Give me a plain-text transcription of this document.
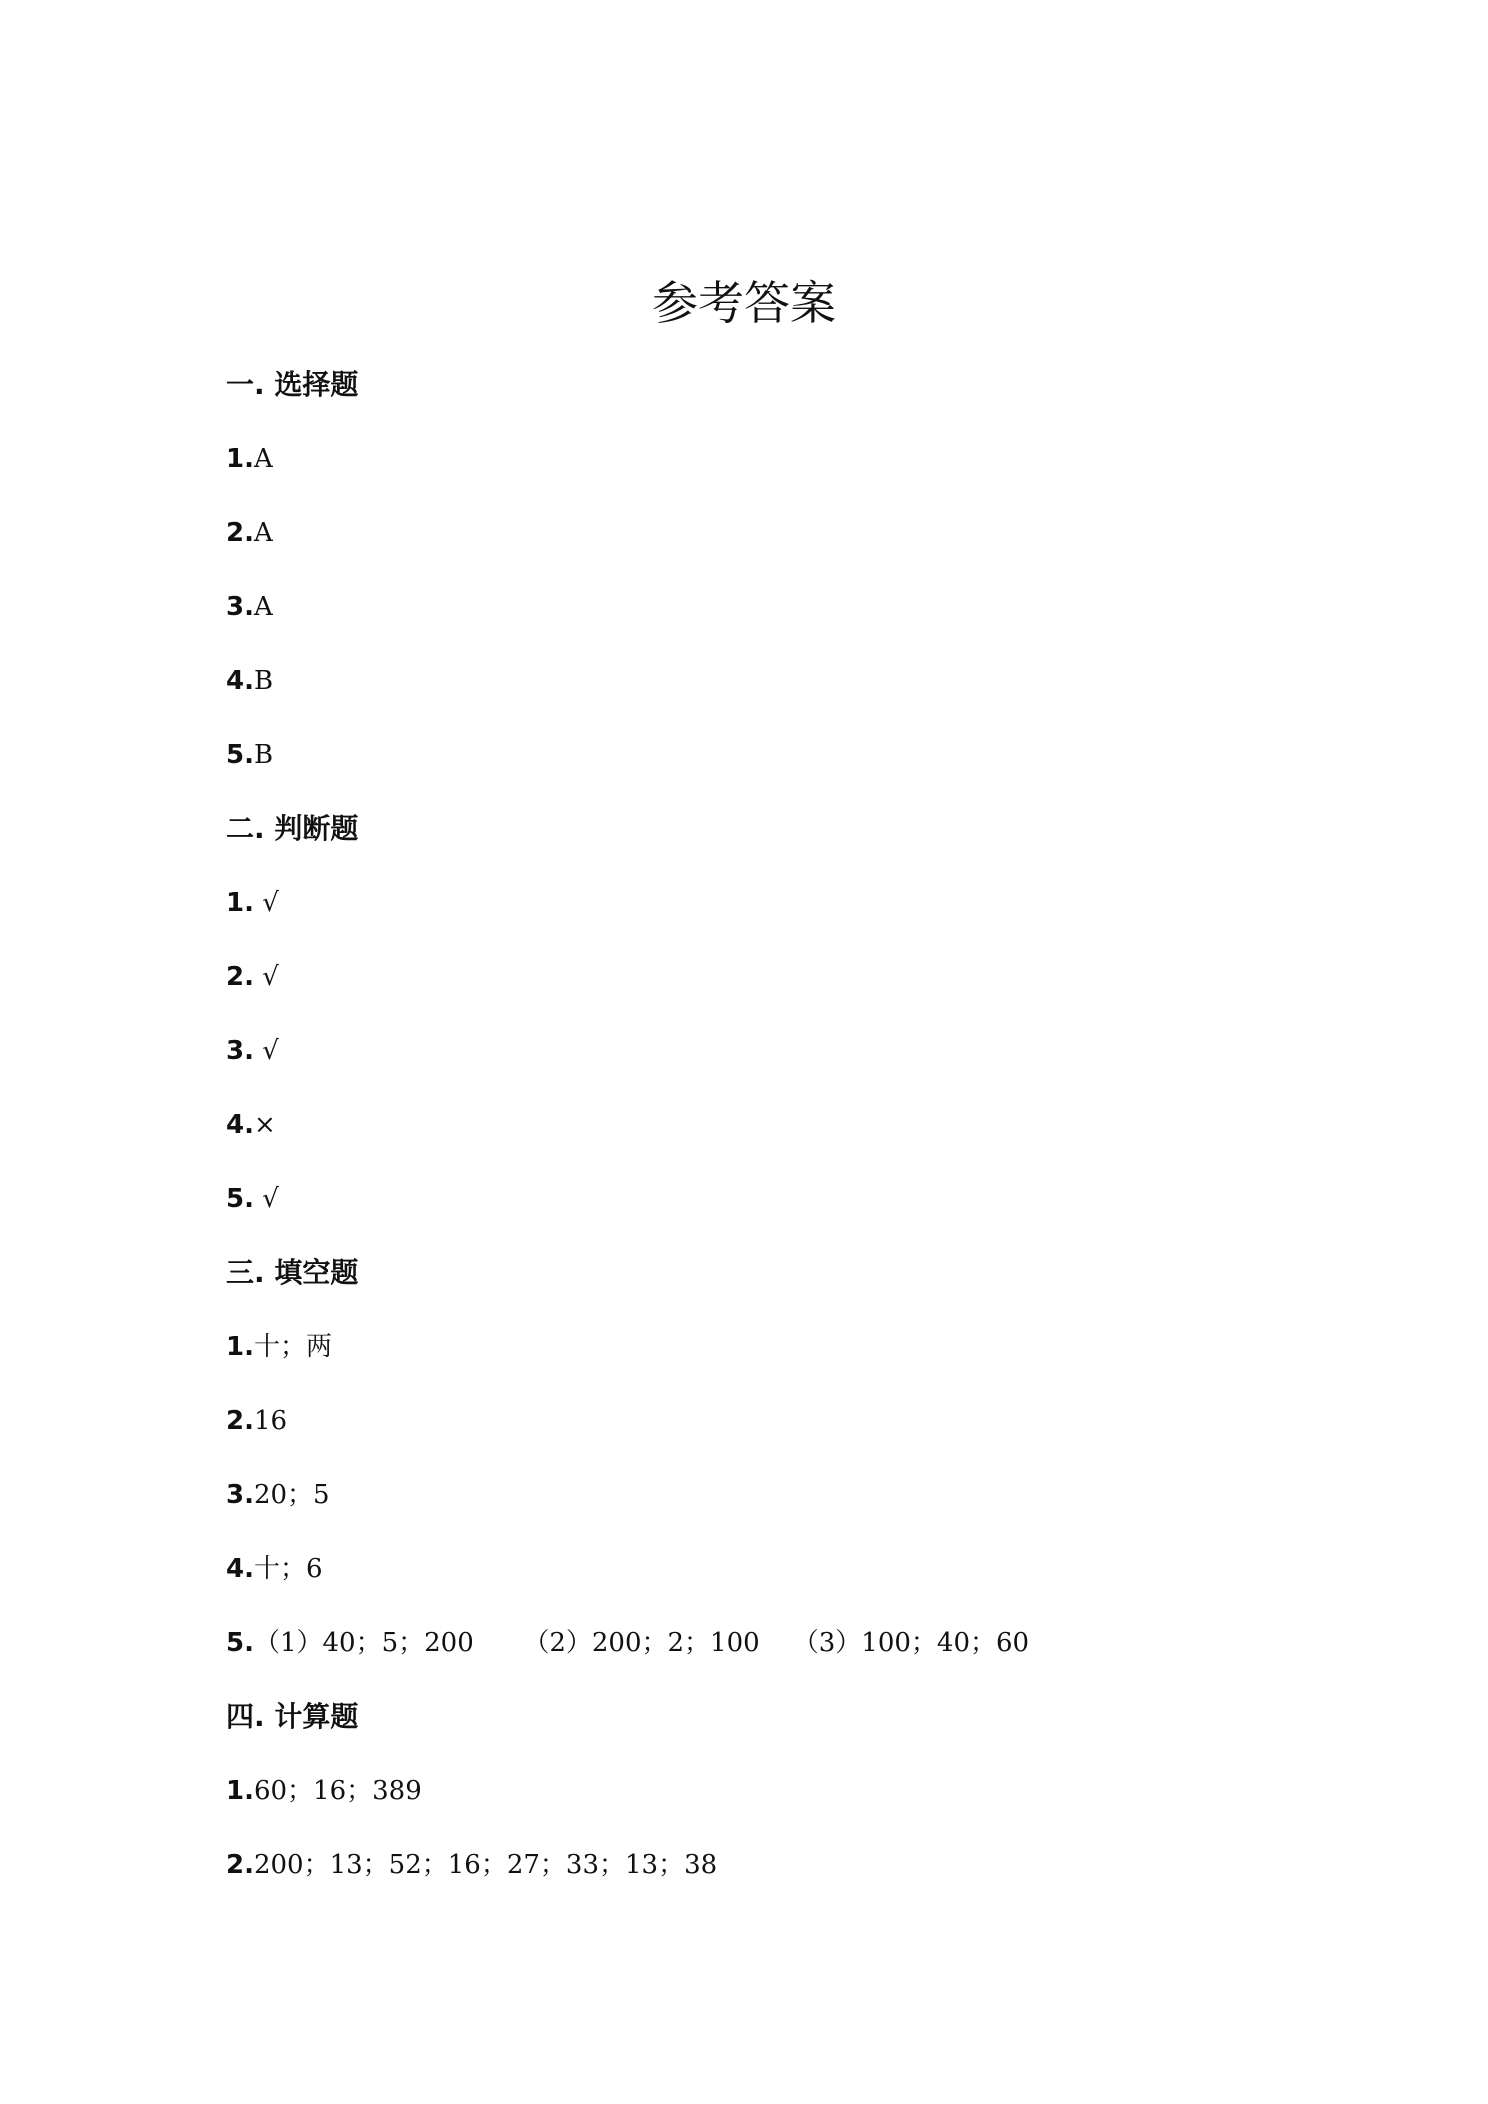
参考答案
一. 选择题
1.A
2.A
3.A
4.B
5.B
二. 判断题
1. √
2. √
3. √
4.×
5. √
三. 填空题
1.十；两
2.16
3.20；5
4.十；6
5.（1）40；5；200      （2）200；2；100    （3）100；40；60
四. 计算题
1.60；16；389
2.200；13；52；16；27；33；13；38
